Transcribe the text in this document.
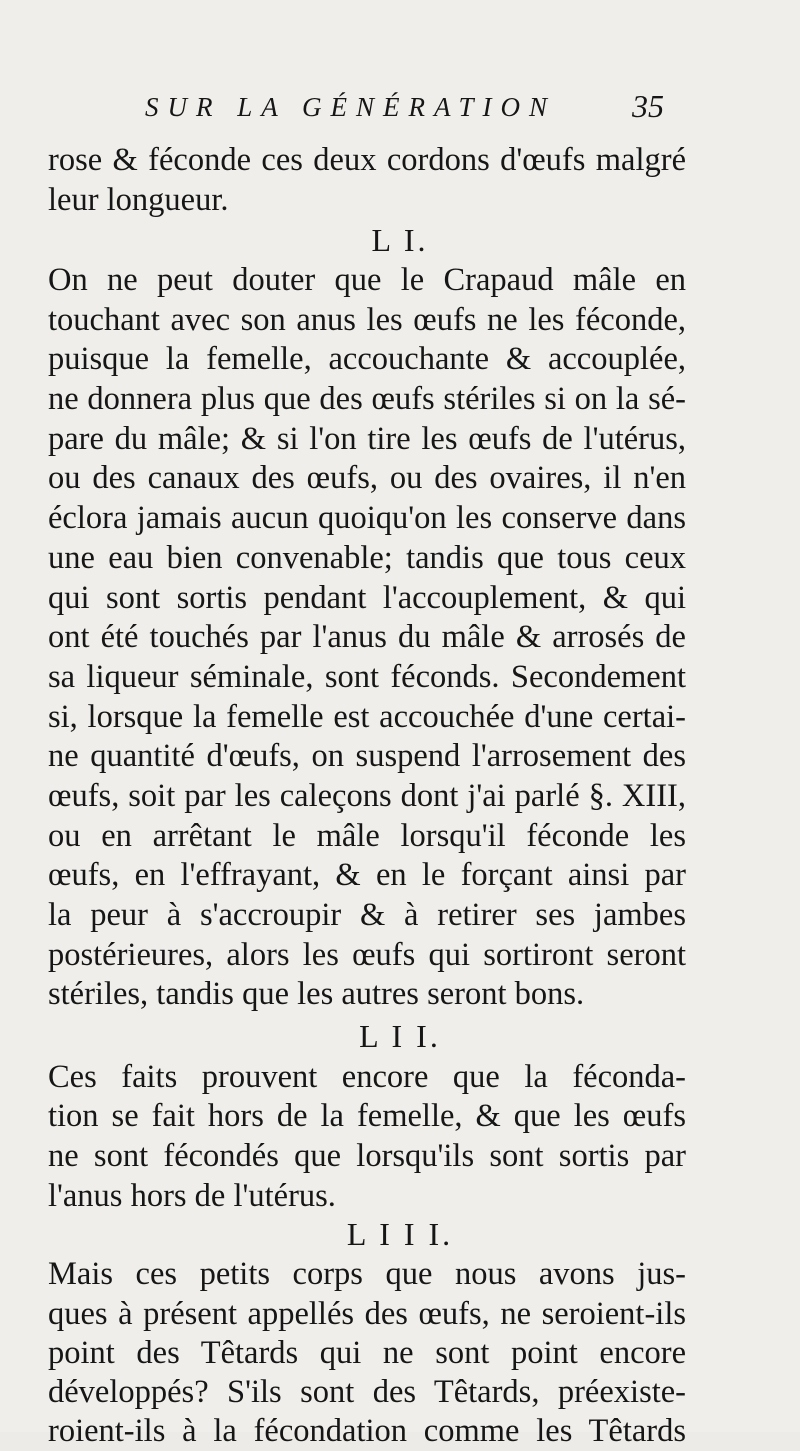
SUR LA GÉNÉRATION	35
rose & féconde ces deux cordons d'œufs malgré
leur longueur.
L I.
On ne peut douter que le Crapaud mâle en
touchant avec son anus les œufs ne les féconde,
puisque la femelle, accouchante & accouplée,
ne donnera plus que des œufs stériles si on la sé-
pare du mâle; & si l'on tire les œufs de l'utérus,
ou des canaux des œufs, ou des ovaires, il n'en
éclora jamais aucun quoiqu'on les conserve dans
une eau bien convenable; tandis que tous ceux
qui sont sortis pendant l'accouplement, & qui
ont été touchés par l'anus du mâle & arrosés de
sa liqueur séminale, sont féconds. Secondement
si, lorsque la femelle est accouchée d'une certai-
ne quantité d'œufs, on suspend l'arrosement des
œufs, soit par les caleçons dont j'ai parlé §. XIII,
ou en arrêtant le mâle lorsqu'il féconde les
œufs, en l'effrayant, & en le forçant ainsi par
la peur à s'accroupir & à retirer ses jambes
postérieures, alors les œufs qui sortiront seront
stériles, tandis que les autres seront bons.
L I I.
Ces faits prouvent encore que la féconda-
tion se fait hors de la femelle, & que les œufs
ne sont fécondés que lorsqu'ils sont sortis par
l'anus hors de l'utérus.
L I I I.
Mais ces petits corps que nous avons jus-
ques à présent appellés des œufs, ne seroient-ils
point des Têtards qui ne sont point encore
développés? S'ils sont des Têtards, préexiste-
roient-ils à la fécondation comme les Têtards
